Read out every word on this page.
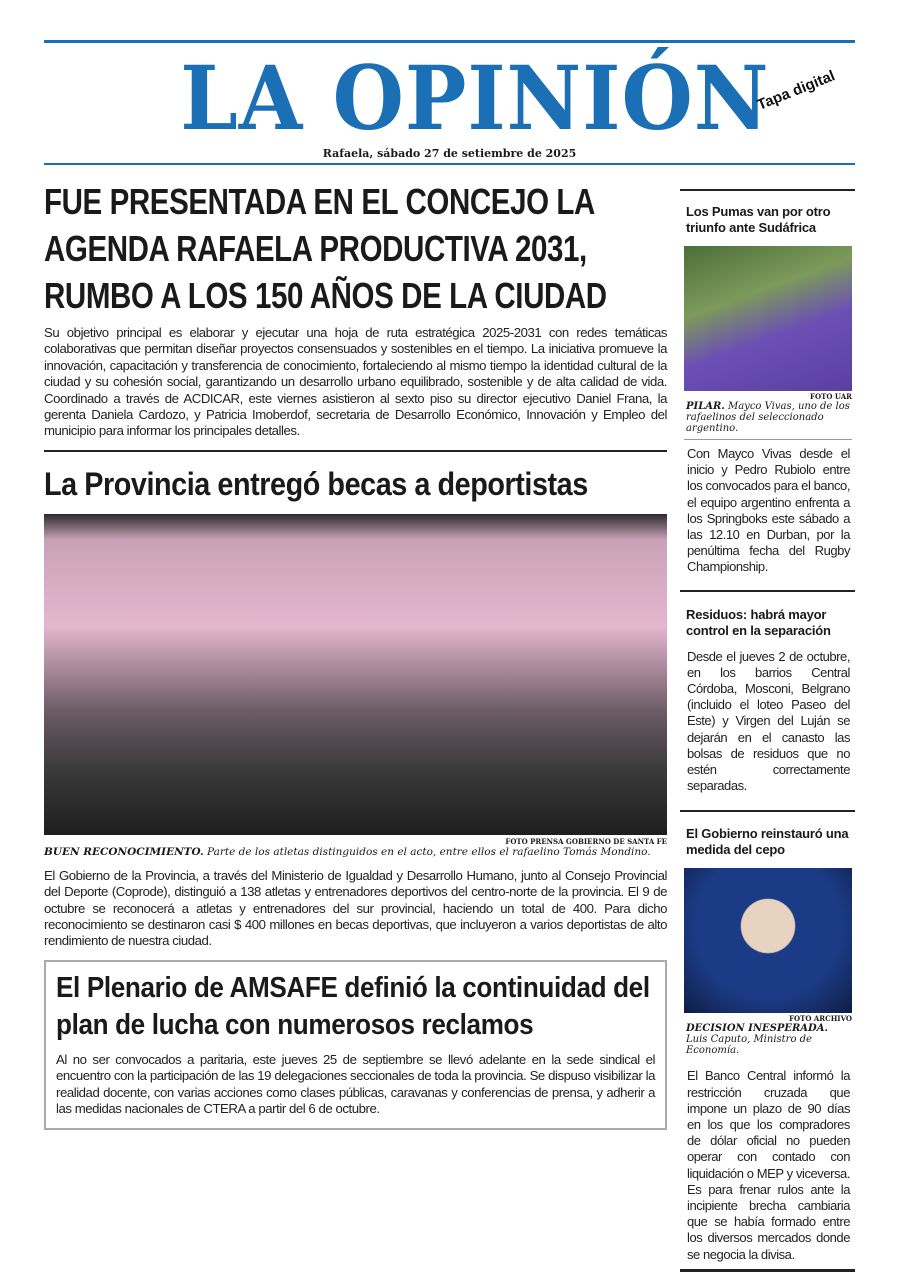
LA OPINIÓN
Tapa digital
Rafaela, sábado 27 de setiembre de 2025
FUE PRESENTADA EN EL CONCEJO LA AGENDA RAFAELA PRODUCTIVA 2031, RUMBO A LOS 150 AÑOS DE LA CIUDAD

Su objetivo principal es elaborar y ejecutar una hoja de ruta estratégica 2025-2031 con redes temáticas colaborativas que permitan diseñar proyectos consensuados y sostenibles en el tiempo. La iniciativa promueve la innovación, capacitación y transferencia de conocimiento, fortaleciendo al mismo tiempo la identidad cultural de la ciudad y su cohesión social, garantizando un desarrollo urbano equilibrado, sostenible y de alta calidad de vida. Coordinado a través de ACDICAR, este viernes asistieron al sexto piso su director ejecutivo Daniel Frana, la gerenta Daniela Cardozo, y Patricia Imoberdof, secretaria de Desarrollo Económico, Innovación y Empleo del municipio para informar los principales detalles.

La Provincia entregó becas a deportistas
FOTO PRENSA GOBIERNO DE SANTA FE
BUEN RECONOCIMIENTO. Parte de los atletas distinguidos en el acto, entre ellos el rafaelino Tomás Mondino.

El Gobierno de la Provincia, a través del Ministerio de Igualdad y Desarrollo Humano, junto al Consejo Provincial del Deporte (Coprode), distinguió a 138 atletas y entrenadores deportivos del centro-norte de la provincia. El 9 de octubre se reconocerá a atletas y entrenadores del sur provincial, haciendo un total de 400. Para dicho reconocimiento se destinaron casi $ 400 millones en becas deportivas, que incluyeron a varios deportistas de alto rendimiento de nuestra ciudad.

El Plenario de AMSAFE definió la continuidad del plan de lucha con numerosos reclamos

Al no ser convocados a paritaria, este jueves 25 de septiembre se llevó adelante en la sede sindical el encuentro con la participación de las 19 delegaciones seccionales de toda la provincia. Se dispuso visibilizar la realidad docente, con varias acciones como clases públicas, caravanas y conferencias de prensa, y adherir a las medidas nacionales de CTERA a partir del 6 de octubre.

Los Pumas van por otro triunfo ante Sudáfrica
FOTO UAR
PILAR. Mayco Vivas, uno de los rafaelinos del seleccionado argentino.

Con Mayco Vivas desde el inicio y Pedro Rubiolo entre los convocados para el banco, el equipo argentino enfrenta a los Springboks este sábado a las 12.10 en Durban, por la penúltima fecha del Rugby Championship.

Residuos: habrá mayor control en la separación

Desde el jueves 2 de octubre, en los barrios Central Córdoba, Mosconi, Belgrano (incluido el loteo Paseo del Este) y Virgen del Luján se dejarán en el canasto las bolsas de residuos que no estén correctamente separadas.

El Gobierno reinstauró una medida del cepo
FOTO ARCHIVO
DECISION INESPERADA. Luis Caputo, Ministro de Economía.

El Banco Central informó la restricción cruzada que impone un plazo de 90 días en los que los compradores de dólar oficial no pueden operar con contado con liquidación o MEP y viceversa. Es para frenar rulos ante la incipiente brecha cambiaria que se había formado entre los diversos mercados donde se negocia la divisa.
